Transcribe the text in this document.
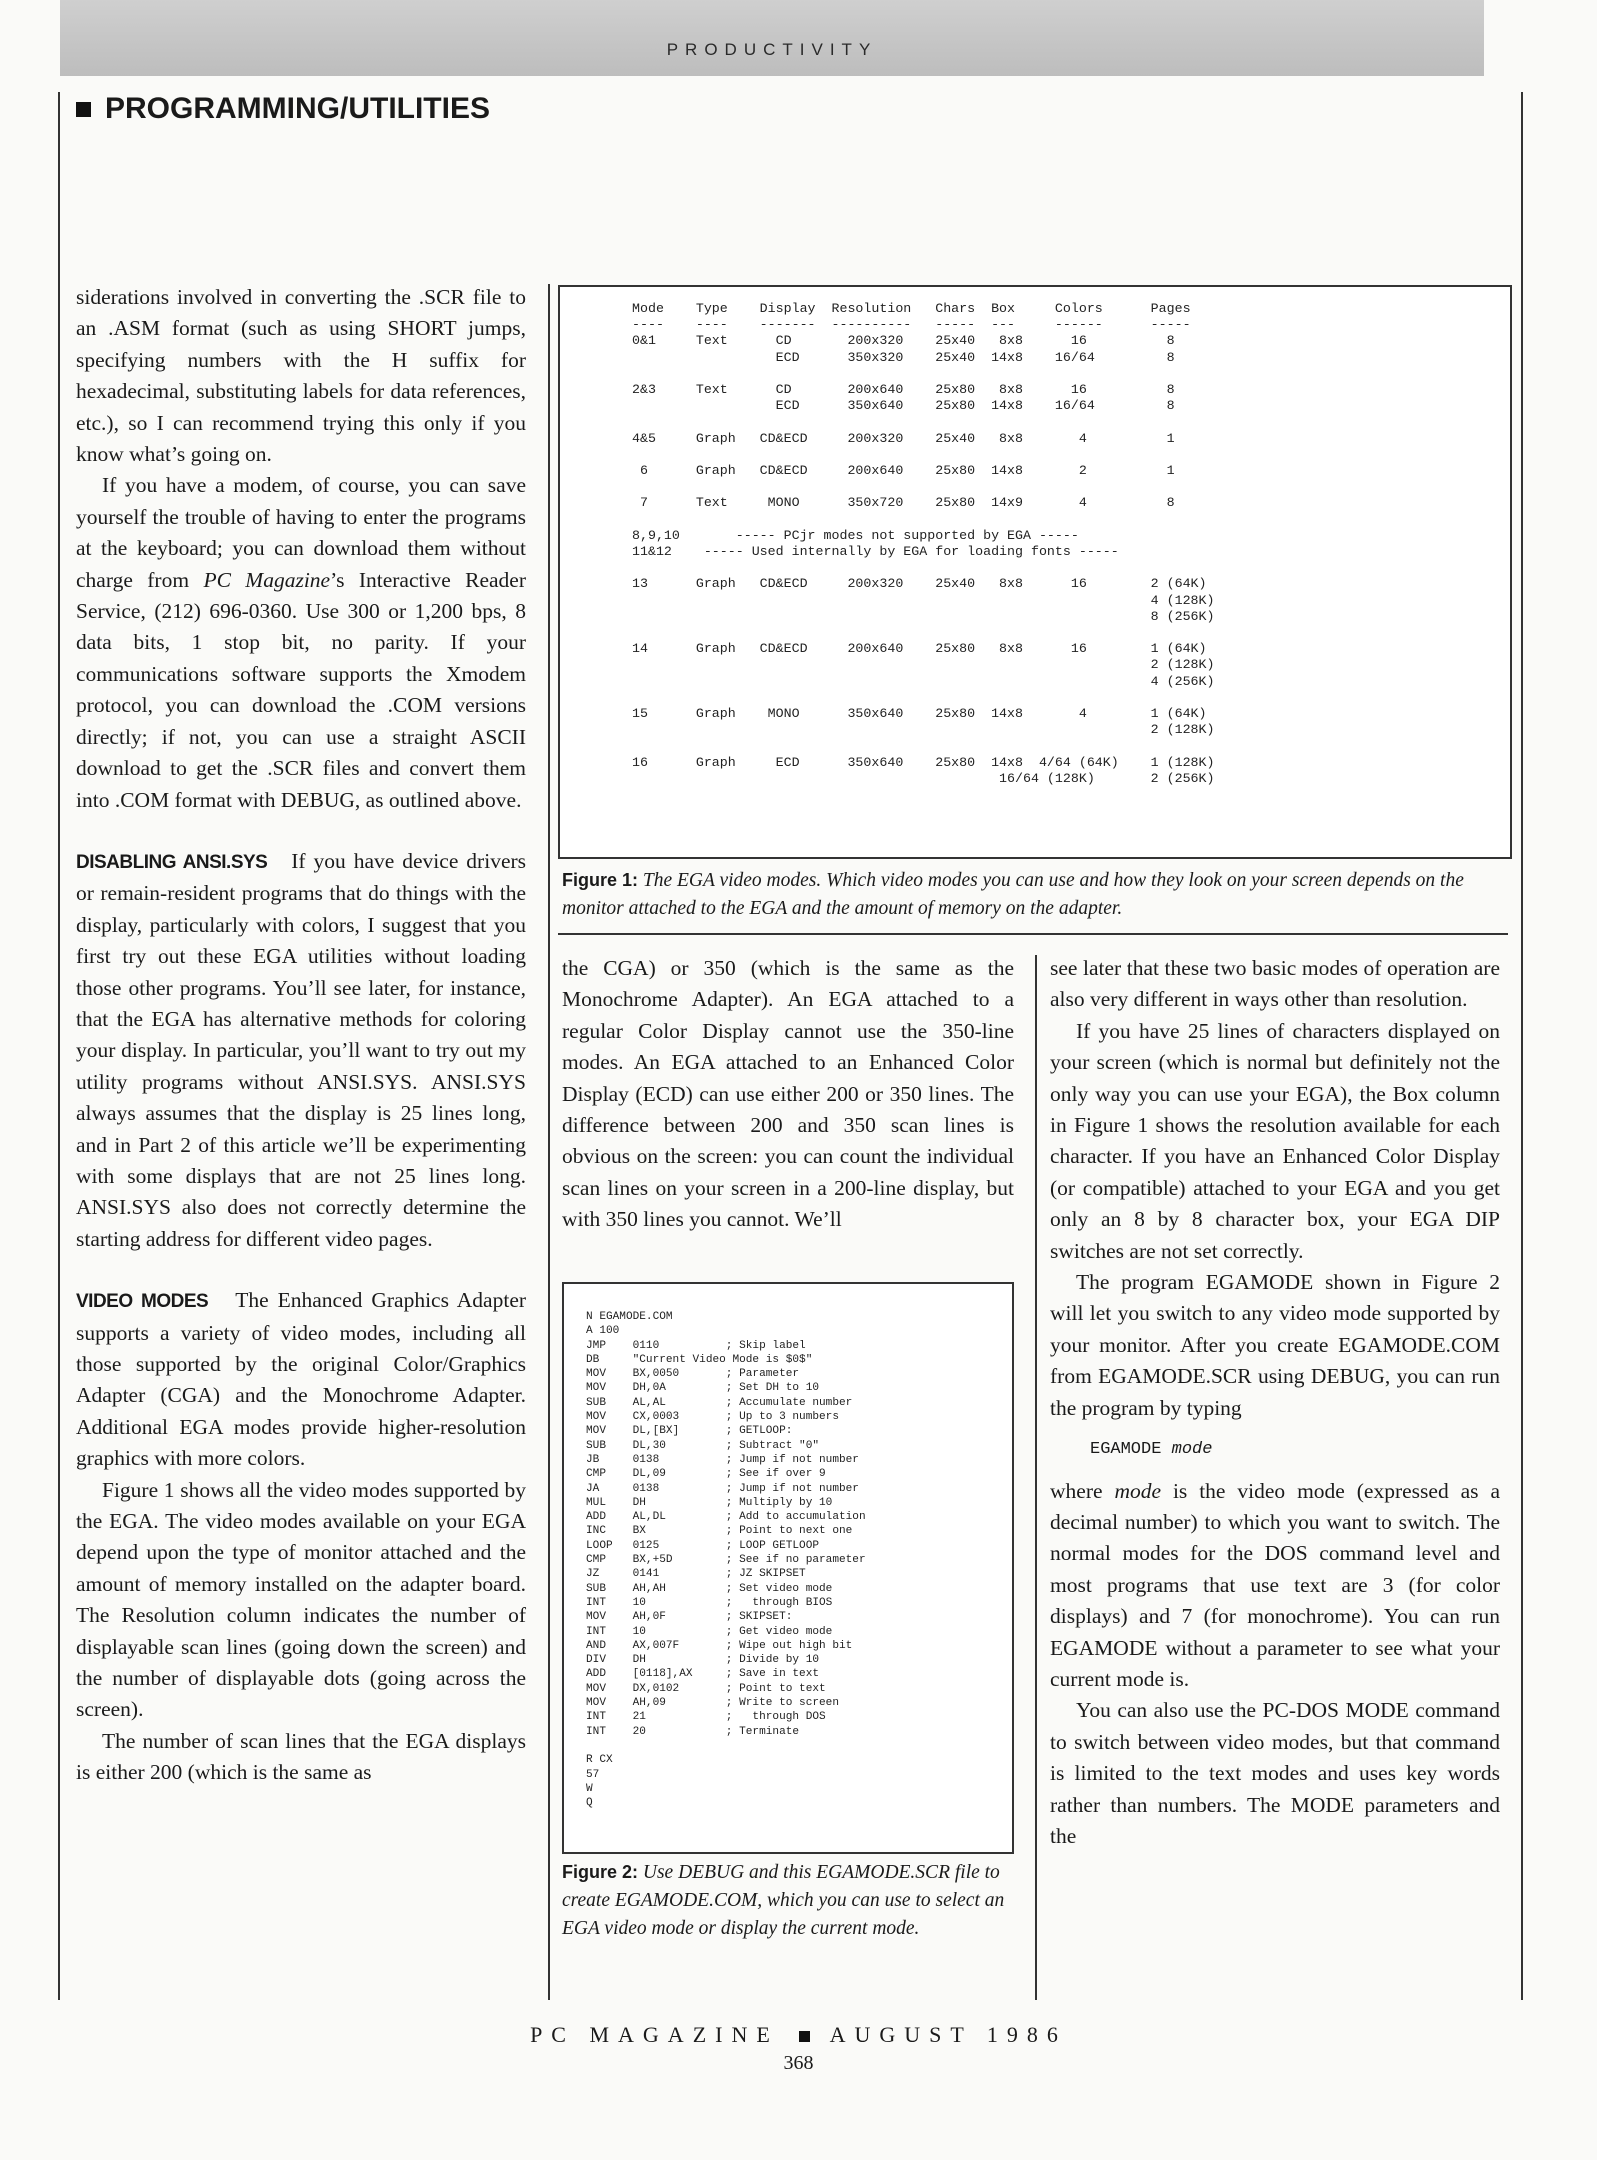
PRODUCTIVITY
PROGRAMMING/UTILITIES

siderations involved in converting the .SCR file to an .ASM format (such as using SHORT jumps, specifying numbers with the H suffix for hexadecimal, substituting labels for data references, etc.), so I can recommend trying this only if you know what’s going on.

If you have a modem, of course, you can save yourself the trouble of having to enter the programs at the keyboard; you can download them without charge from PC Magazine’s Interactive Reader Service, (212) 696-0360. Use 300 or 1,200 bps, 8 data bits, 1 stop bit, no parity. If your communications software supports the Xmodem protocol, you can download the .COM versions directly; if not, you can use a straight ASCII download to get the .SCR files and convert them into .COM format with DEBUG, as outlined above.

DISABLING ANSI.SYS If you have device drivers or remain-resident programs that do things with the display, particularly with colors, I suggest that you first try out these EGA utilities without loading those other programs. You’ll see later, for instance, that the EGA has alternative methods for coloring your display. In particular, you’ll want to try out my utility programs without ANSI.SYS. ANSI.SYS always assumes that the display is 25 lines long, and in Part 2 of this article we’ll be experimenting with some displays that are not 25 lines long. ANSI.SYS also does not correctly determine the starting address for different video pages.

VIDEO MODES The Enhanced Graphics Adapter supports a variety of video modes, including all those supported by the original Color/Graphics Adapter (CGA) and the Monochrome Adapter. Additional EGA modes provide higher-resolution graphics with more colors.

Figure 1 shows all the video modes supported by the EGA. The video modes available on your EGA depend upon the type of monitor attached and the amount of memory installed on the adapter board. The Resolution column indicates the number of displayable scan lines (going down the screen) and the number of displayable dots (going across the screen).

The number of scan lines that the EGA displays is either 200 (which is the same as

Mode    Type    Display  Resolution   Chars  Box     Colors      Pages
----    ----    -------  ----------   -----  ---     ------      -----
0&1     Text      CD       200x320    25x40   8x8      16          8
ECD      350x320    25x40  14x8    16/64         8

2&3     Text      CD       200x640    25x80   8x8      16          8
ECD      350x640    25x80  14x8    16/64         8

4&5     Graph   CD&ECD     200x320    25x40   8x8       4          1

6      Graph   CD&ECD     200x640    25x80  14x8       2          1

7      Text     MONO      350x720    25x80  14x9       4          8

8,9,10       ----- PCjr modes not supported by EGA -----
11&12    ----- Used internally by EGA for loading fonts -----

13      Graph   CD&ECD     200x320    25x40   8x8      16        2 (64K)
4 (128K)
8 (256K)

14      Graph   CD&ECD     200x640    25x80   8x8      16        1 (64K)
2 (128K)
4 (256K)

15      Graph    MONO      350x640    25x80  14x8       4        1 (64K)
2 (128K)

16      Graph     ECD      350x640    25x80  14x8  4/64 (64K)    1 (128K)
16/64 (128K)       2 (256K)
Figure 1: The EGA video modes. Which video modes you can use and how they look on your screen depends on the monitor attached to the EGA and the amount of memory on the adapter.

the CGA) or 350 (which is the same as the Monochrome Adapter). An EGA attached to a regular Color Display cannot use the 350-line modes. An EGA attached to an Enhanced Color Display (ECD) can use either 200 or 350 lines. The difference between 200 and 350 scan lines is obvious on the screen: you can count the individual scan lines on your screen in a 200-line display, but with 350 lines you cannot. We’ll

N EGAMODE.COM
A 100
JMP    0110          ; Skip label
DB     "Current Video Mode is $0$"
MOV    BX,0050       ; Parameter
MOV    DH,0A         ; Set DH to 10
SUB    AL,AL         ; Accumulate number
MOV    CX,0003       ; Up to 3 numbers
MOV    DL,[BX]       ; GETLOOP:
SUB    DL,30         ; Subtract "0"
JB     0138          ; Jump if not number
CMP    DL,09         ; See if over 9
JA     0138          ; Jump if not number
MUL    DH            ; Multiply by 10
ADD    AL,DL         ; Add to accumulation
INC    BX            ; Point to next one
LOOP   0125          ; LOOP GETLOOP
CMP    BX,+5D        ; See if no parameter
JZ     0141          ; JZ SKIPSET
SUB    AH,AH         ; Set video mode
INT    10            ;   through BIOS
MOV    AH,0F         ; SKIPSET:
INT    10            ; Get video mode
AND    AX,007F       ; Wipe out high bit
DIV    DH            ; Divide by 10
ADD    [0118],AX     ; Save in text
MOV    DX,0102       ; Point to text
MOV    AH,09         ; Write to screen
INT    21            ;   through DOS
INT    20            ; Terminate

R CX
57
W
Q
Figure 2: Use DEBUG and this EGAMODE.SCR file to create EGAMODE.COM, which you can use to select an EGA video mode or display the current mode.

see later that these two basic modes of operation are also very different in ways other than resolution.

If you have 25 lines of characters displayed on your screen (which is normal but definitely not the only way you can use your EGA), the Box column in Figure 1 shows the resolution available for each character. If you have an Enhanced Color Display (or compatible) attached to your EGA and you get only an 8 by 8 character box, your EGA DIP switches are not set correctly.

The program EGAMODE shown in Figure 2 will let you switch to any video mode supported by your monitor. After you create EGAMODE.COM from EGAMODE.SCR using DEBUG, you can run the program by typing

EGAMODE mode

where mode is the video mode (expressed as a decimal number) to which you want to switch. The normal modes for the DOS command level and most programs that use text are 3 (for color displays) and 7 (for monochrome). You can run EGAMODE without a parameter to see what your current mode is.

You can also use the PC-DOS MODE command to switch between video modes, but that command is limited to the text modes and uses key words rather than numbers. The MODE parameters and the

PC MAGAZINE AUGUST 1986
368
